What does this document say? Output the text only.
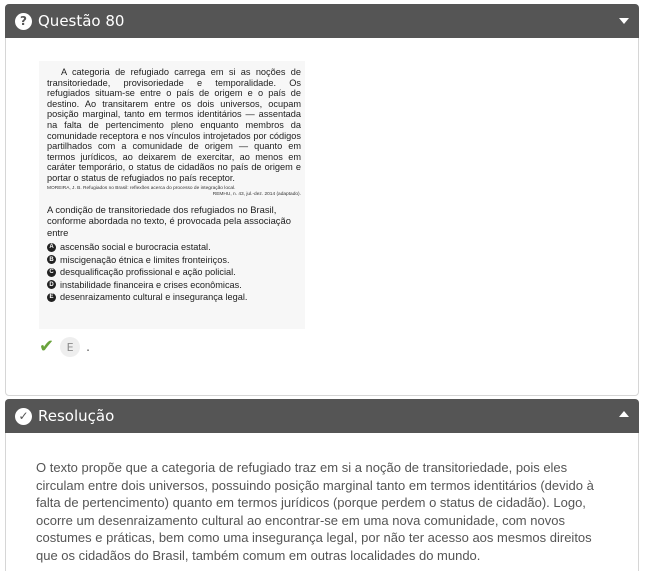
? Questão 80

A categoria de refugiado carrega em si as noções de transitoriedade, provisoriedade e temporalidade. Os refugiados situam-se entre o país de origem e o país de destino. Ao transitarem entre os dois universos, ocupam posição marginal, tanto em termos identitários — assentada na falta de pertencimento pleno enquanto membros da comunidade receptora e nos vínculos introjetados por códigos partilhados com a comunidade de origem — quanto em termos jurídicos, ao deixarem de exercitar, ao menos em caráter temporário, o status de cidadãos no país de origem e portar o status de refugiados no país receptor.

MOREIRA, J. B. Refugiados no Brasil: reflexões acerca do processo de integração local.
REMHU, n. 43, jul.-dez. 2014 (adaptado).

A condição de transitoriedade dos refugiados no Brasil, conforme abordada no texto, é provocada pela associação entre

A ascensão social e burocracia estatal.
B miscigenação étnica e limites fronteiriços.
C desqualificação profissional e ação policial.
D instabilidade financeira e crises econômicas.
E desenraizamento cultural e insegurança legal.
✔	E	.
✓ Resolução

O texto propõe que a categoria de refugiado traz em si a noção de transitoriedade, pois eles circulam entre dois universos, possuindo posição marginal tanto em termos identitários (devido à falta de pertencimento) quanto em termos jurídicos (porque perdem o status de cidadão). Logo, ocorre um desenraizamento cultural ao encontrar-se em uma nova comunidade, com novos costumes e práticas, bem como uma insegurança legal, por não ter acesso aos mesmos direitos que os cidadãos do Brasil, também comum em outras localidades do mundo.
